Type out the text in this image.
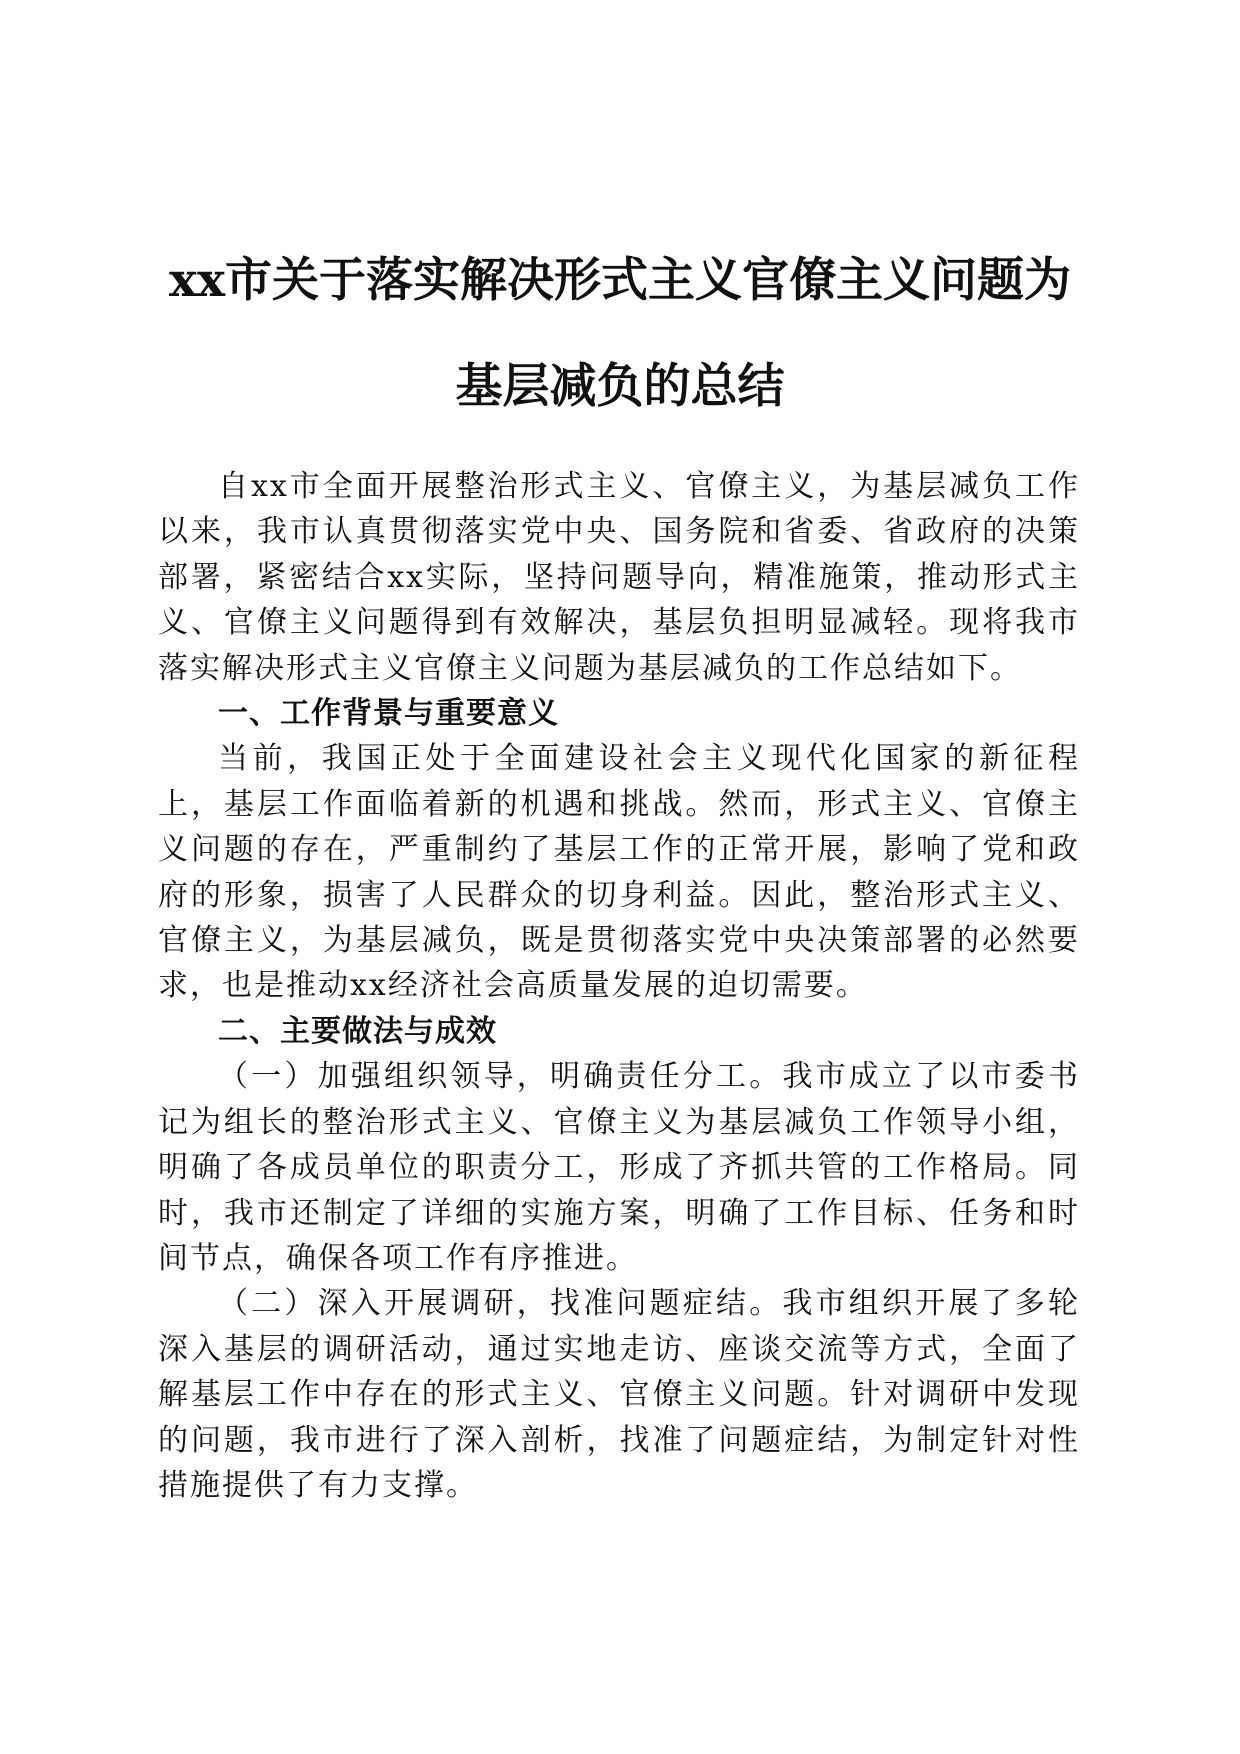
xx市关于落实解决形式主义官僚主义问题为
基层减负的总结

自xx市全面开展整治形式主义、官僚主义，为基层减负工作以来，我市认真贯彻落实党中央、国务院和省委、省政府的决策部署，紧密结合xx实际，坚持问题导向，精准施策，推动形式主义、官僚主义问题得到有效解决，基层负担明显减轻。现将我市落实解决形式主义官僚主义问题为基层减负的工作总结如下。

一、工作背景与重要意义

当前，我国正处于全面建设社会主义现代化国家的新征程上，基层工作面临着新的机遇和挑战。然而，形式主义、官僚主义问题的存在，严重制约了基层工作的正常开展，影响了党和政府的形象，损害了人民群众的切身利益。因此，整治形式主义、官僚主义，为基层减负，既是贯彻落实党中央决策部署的必然要求，也是推动xx经济社会高质量发展的迫切需要。

二、主要做法与成效

（一）加强组织领导，明确责任分工。我市成立了以市委书记为组长的整治形式主义、官僚主义为基层减负工作领导小组，明确了各成员单位的职责分工，形成了齐抓共管的工作格局。同时，我市还制定了详细的实施方案，明确了工作目标、任务和时间节点，确保各项工作有序推进。

（二）深入开展调研，找准问题症结。我市组织开展了多轮深入基层的调研活动，通过实地走访、座谈交流等方式，全面了解基层工作中存在的形式主义、官僚主义问题。针对调研中发现的问题，我市进行了深入剖析，找准了问题症结，为制定针对性措施提供了有力支撑。
